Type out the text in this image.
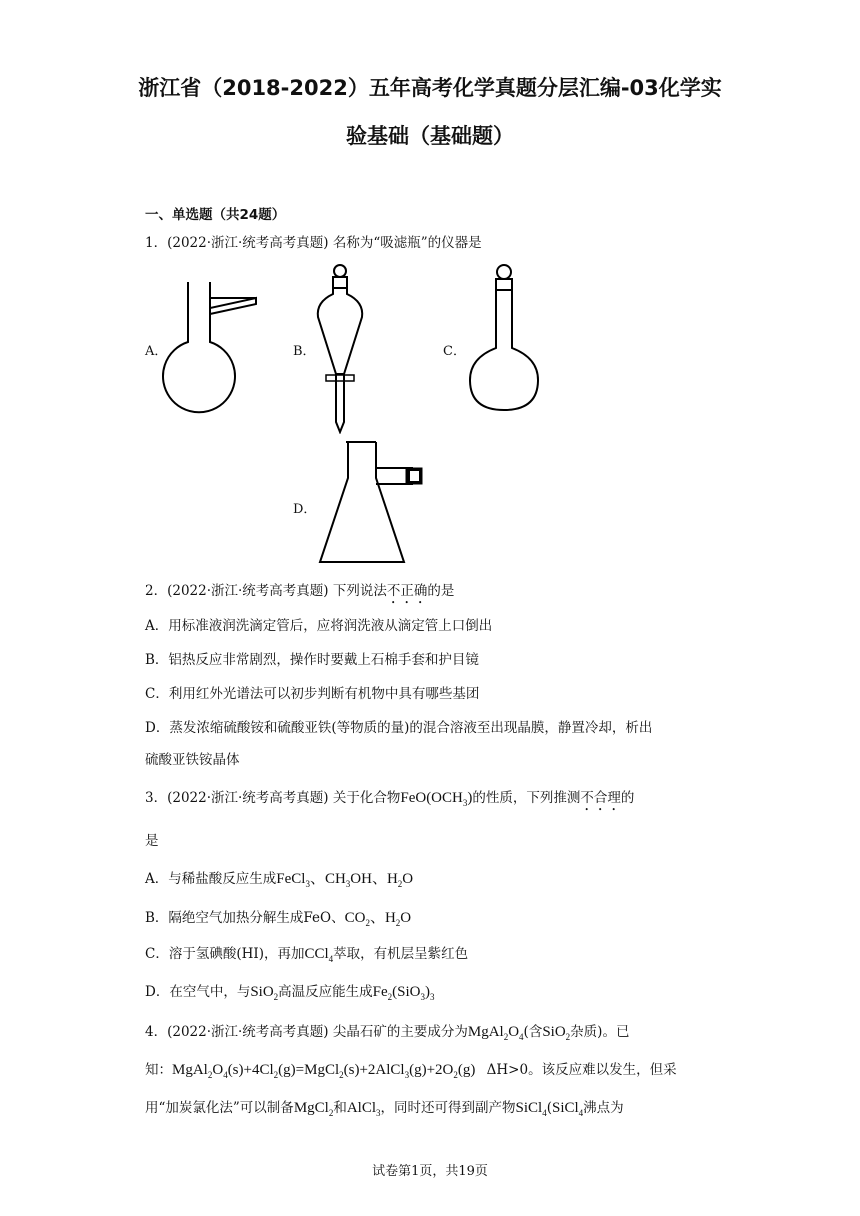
浙江省（2018-2022）五年高考化学真题分层汇编-03化学实
验基础（基础题）
一、单选题（共24题）
1．(2022·浙江·统考高考真题) 名称为“吸滤瓶”的仪器是
A．	B．	C．
D．
2．(2022·浙江·统考高考真题) 下列说法不正确的是
A．用标准液润洗滴定管后，应将润洗液从滴定管上口倒出
B．铝热反应非常剧烈，操作时要戴上石棉手套和护目镜
C．利用红外光谱法可以初步判断有机物中具有哪些基团
D．蒸发浓缩硫酸铵和硫酸亚铁(等物质的量)的混合溶液至出现晶膜，静置冷却，析出
硫酸亚铁铵晶体
3．(2022·浙江·统考高考真题) 关于化合物$FeO(OCH_3)$的性质，下列推测不合理的
是
A．与稀盐酸反应生成FeCl$_3$、$CH_3OH$、$H_2O$
B．隔绝空气加热分解生成FeO、$CO_2$、$H_2O$
C．溶于氢碘酸(HI)，再加CCl$_4$萃取，有机层呈紫红色
D．在空气中，与SiO$_2$高温反应能生成$Fe_2(SiO_3)_3$
4．(2022·浙江·统考高考真题) 尖晶石矿的主要成分为$MgAl_2O_4$(含SiO$_2$杂质)。已
知：$MgAl_2O_4(s)+4Cl_2(g)=MgCl_2(s)+2AlCl_3(g)+2O_2(g)$   ΔH>0。该反应难以发生，但采
用“加炭氯化法”可以制备MgCl$_2$和AlCl$_3$，同时还可得到副产物SiCl$_4$(SiCl$_4$沸点为
试卷第1页，共19页
